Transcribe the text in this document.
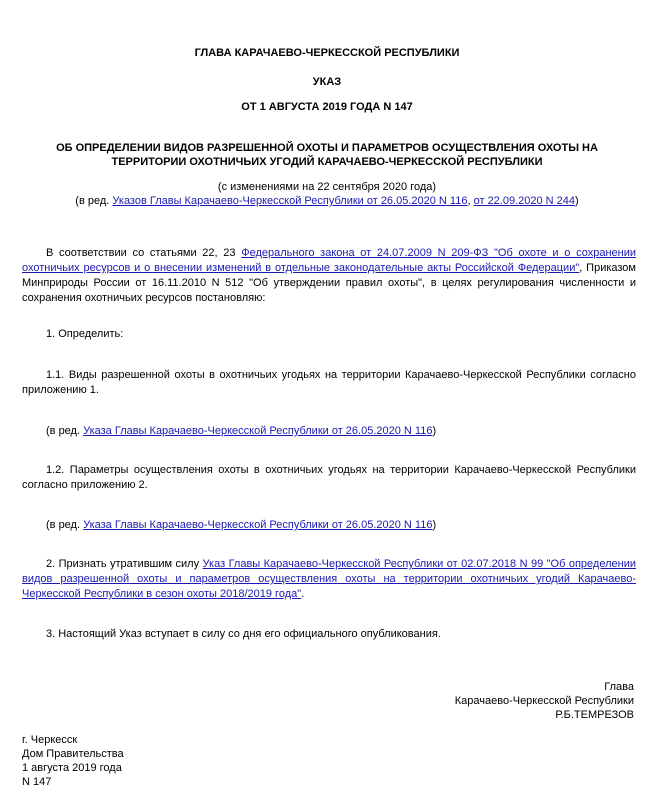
ГЛАВА КАРАЧАЕВО-ЧЕРКЕССКОЙ РЕСПУБЛИКИ
УКАЗ
ОТ 1 АВГУСТА 2019 ГОДА N 147
ОБ ОПРЕДЕЛЕНИИ ВИДОВ РАЗРЕШЕННОЙ ОХОТЫ И ПАРАМЕТРОВ ОСУЩЕСТВЛЕНИЯ ОХОТЫ НА
ТЕРРИТОРИИ ОХОТНИЧЬИХ УГОДИЙ КАРАЧАЕВО-ЧЕРКЕССКОЙ РЕСПУБЛИКИ
(с изменениями на 22 сентября 2020 года)
(в ред. Указов Главы Карачаево-Черкесской Республики от 26.05.2020 N 116, от 22.09.2020 N 244)
В соответствии со статьями 22, 23 Федерального закона от 24.07.2009 N 209-ФЗ "Об охоте и о сохранении охотничьих ресурсов и о внесении изменений в отдельные законодательные акты Российской Федерации", Приказом Минприроды России от 16.11.2010 N 512 "Об утверждении правил охоты", в целях регулирования численности и сохранения охотничьих ресурсов постановляю:
1. Определить:
1.1. Виды разрешенной охоты в охотничьих угодьях на территории Карачаево-Черкесской Республики согласно приложению 1.
(в ред. Указа Главы Карачаево-Черкесской Республики от 26.05.2020 N 116)
1.2. Параметры осуществления охоты в охотничьих угодьях на территории Карачаево-Черкесской Республики согласно приложению 2.
(в ред. Указа Главы Карачаево-Черкесской Республики от 26.05.2020 N 116)
2. Признать утратившим силу Указ Главы Карачаево-Черкесской Республики от 02.07.2018 N 99 "Об определении видов разрешенной охоты и параметров осуществления охоты на территории охотничьих угодий Карачаево-Черкесской Республики в сезон охоты 2018/2019 года".
3. Настоящий Указ вступает в силу со дня его официального опубликования.
Глава
Карачаево-Черкесской Республики
Р.Б.ТЕМРЕЗОВ
г. Черкесск
Дом Правительства
1 августа 2019 года
N 147
